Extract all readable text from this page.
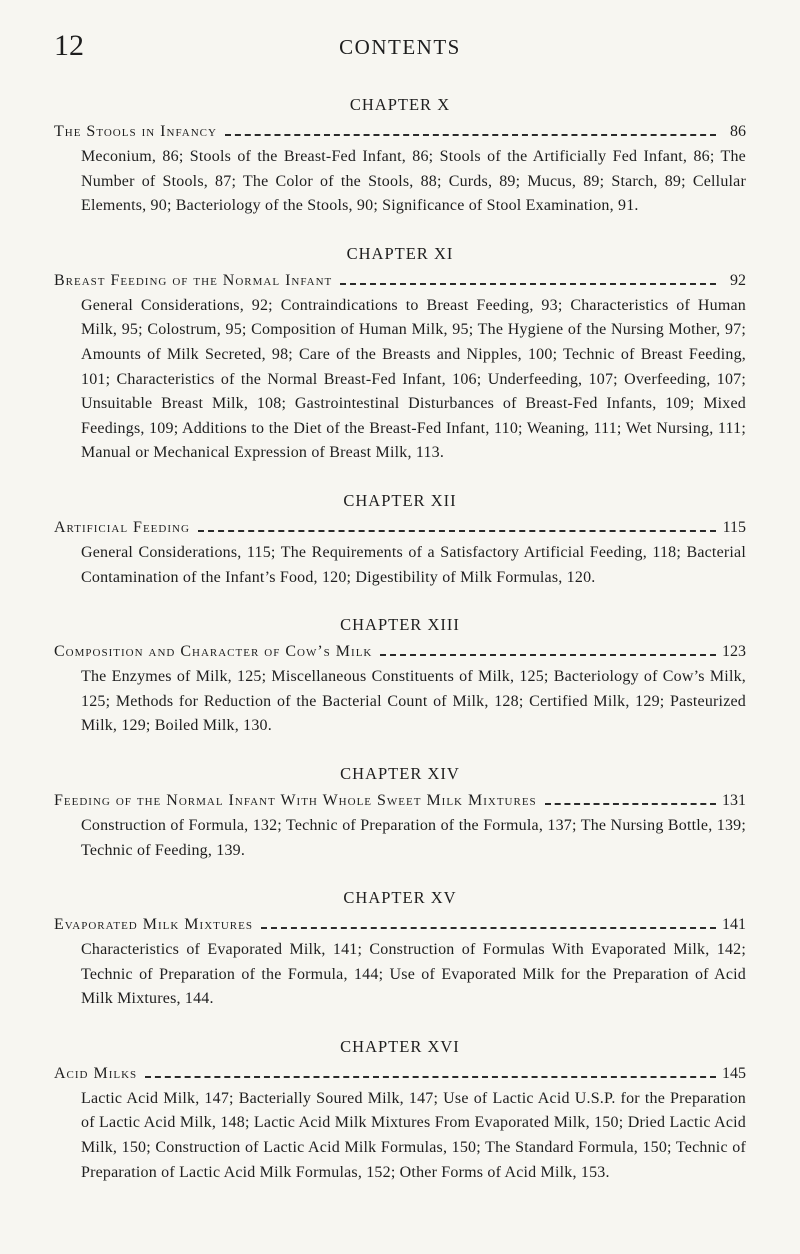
12	CONTENTS
CHAPTER X
The Stools in Infancy	86
Meconium, 86; Stools of the Breast-Fed Infant, 86; Stools of the Artificially Fed Infant, 86; The Number of Stools, 87; The Color of the Stools, 88; Curds, 89; Mucus, 89; Starch, 89; Cellular Elements, 90; Bacteriology of the Stools, 90; Significance of Stool Examination, 91.
CHAPTER XI
Breast Feeding of the Normal Infant	92
General Considerations, 92; Contraindications to Breast Feeding, 93; Characteristics of Human Milk, 95; Colostrum, 95; Composition of Human Milk, 95; The Hygiene of the Nursing Mother, 97; Amounts of Milk Secreted, 98; Care of the Breasts and Nipples, 100; Technic of Breast Feeding, 101; Characteristics of the Normal Breast-Fed Infant, 106; Underfeeding, 107; Overfeeding, 107; Unsuitable Breast Milk, 108; Gastrointestinal Disturbances of Breast-Fed Infants, 109; Mixed Feedings, 109; Additions to the Diet of the Breast-Fed Infant, 110; Weaning, 111; Wet Nursing, 111; Manual or Mechanical Expression of Breast Milk, 113.
CHAPTER XII
Artificial Feeding	115
General Considerations, 115; The Requirements of a Satisfactory Artificial Feeding, 118; Bacterial Contamination of the Infant’s Food, 120; Digestibility of Milk Formulas, 120.
CHAPTER XIII
Composition and Character of Cow’s Milk	123
The Enzymes of Milk, 125; Miscellaneous Constituents of Milk, 125; Bacteriology of Cow’s Milk, 125; Methods for Reduction of the Bacterial Count of Milk, 128; Certified Milk, 129; Pasteurized Milk, 129; Boiled Milk, 130.
CHAPTER XIV
Feeding of the Normal Infant With Whole Sweet Milk Mixtures	131
Construction of Formula, 132; Technic of Preparation of the Formula, 137; The Nursing Bottle, 139; Technic of Feeding, 139.
CHAPTER XV
Evaporated Milk Mixtures	141
Characteristics of Evaporated Milk, 141; Construction of Formulas With Evaporated Milk, 142; Technic of Preparation of the Formula, 144; Use of Evaporated Milk for the Preparation of Acid Milk Mixtures, 144.
CHAPTER XVI
Acid Milks	145
Lactic Acid Milk, 147; Bacterially Soured Milk, 147; Use of Lactic Acid U.S.P. for the Preparation of Lactic Acid Milk, 148; Lactic Acid Milk Mixtures From Evaporated Milk, 150; Dried Lactic Acid Milk, 150; Construction of Lactic Acid Milk Formulas, 150; The Standard Formula, 150; Technic of Preparation of Lactic Acid Milk Formulas, 152; Other Forms of Acid Milk, 153.
